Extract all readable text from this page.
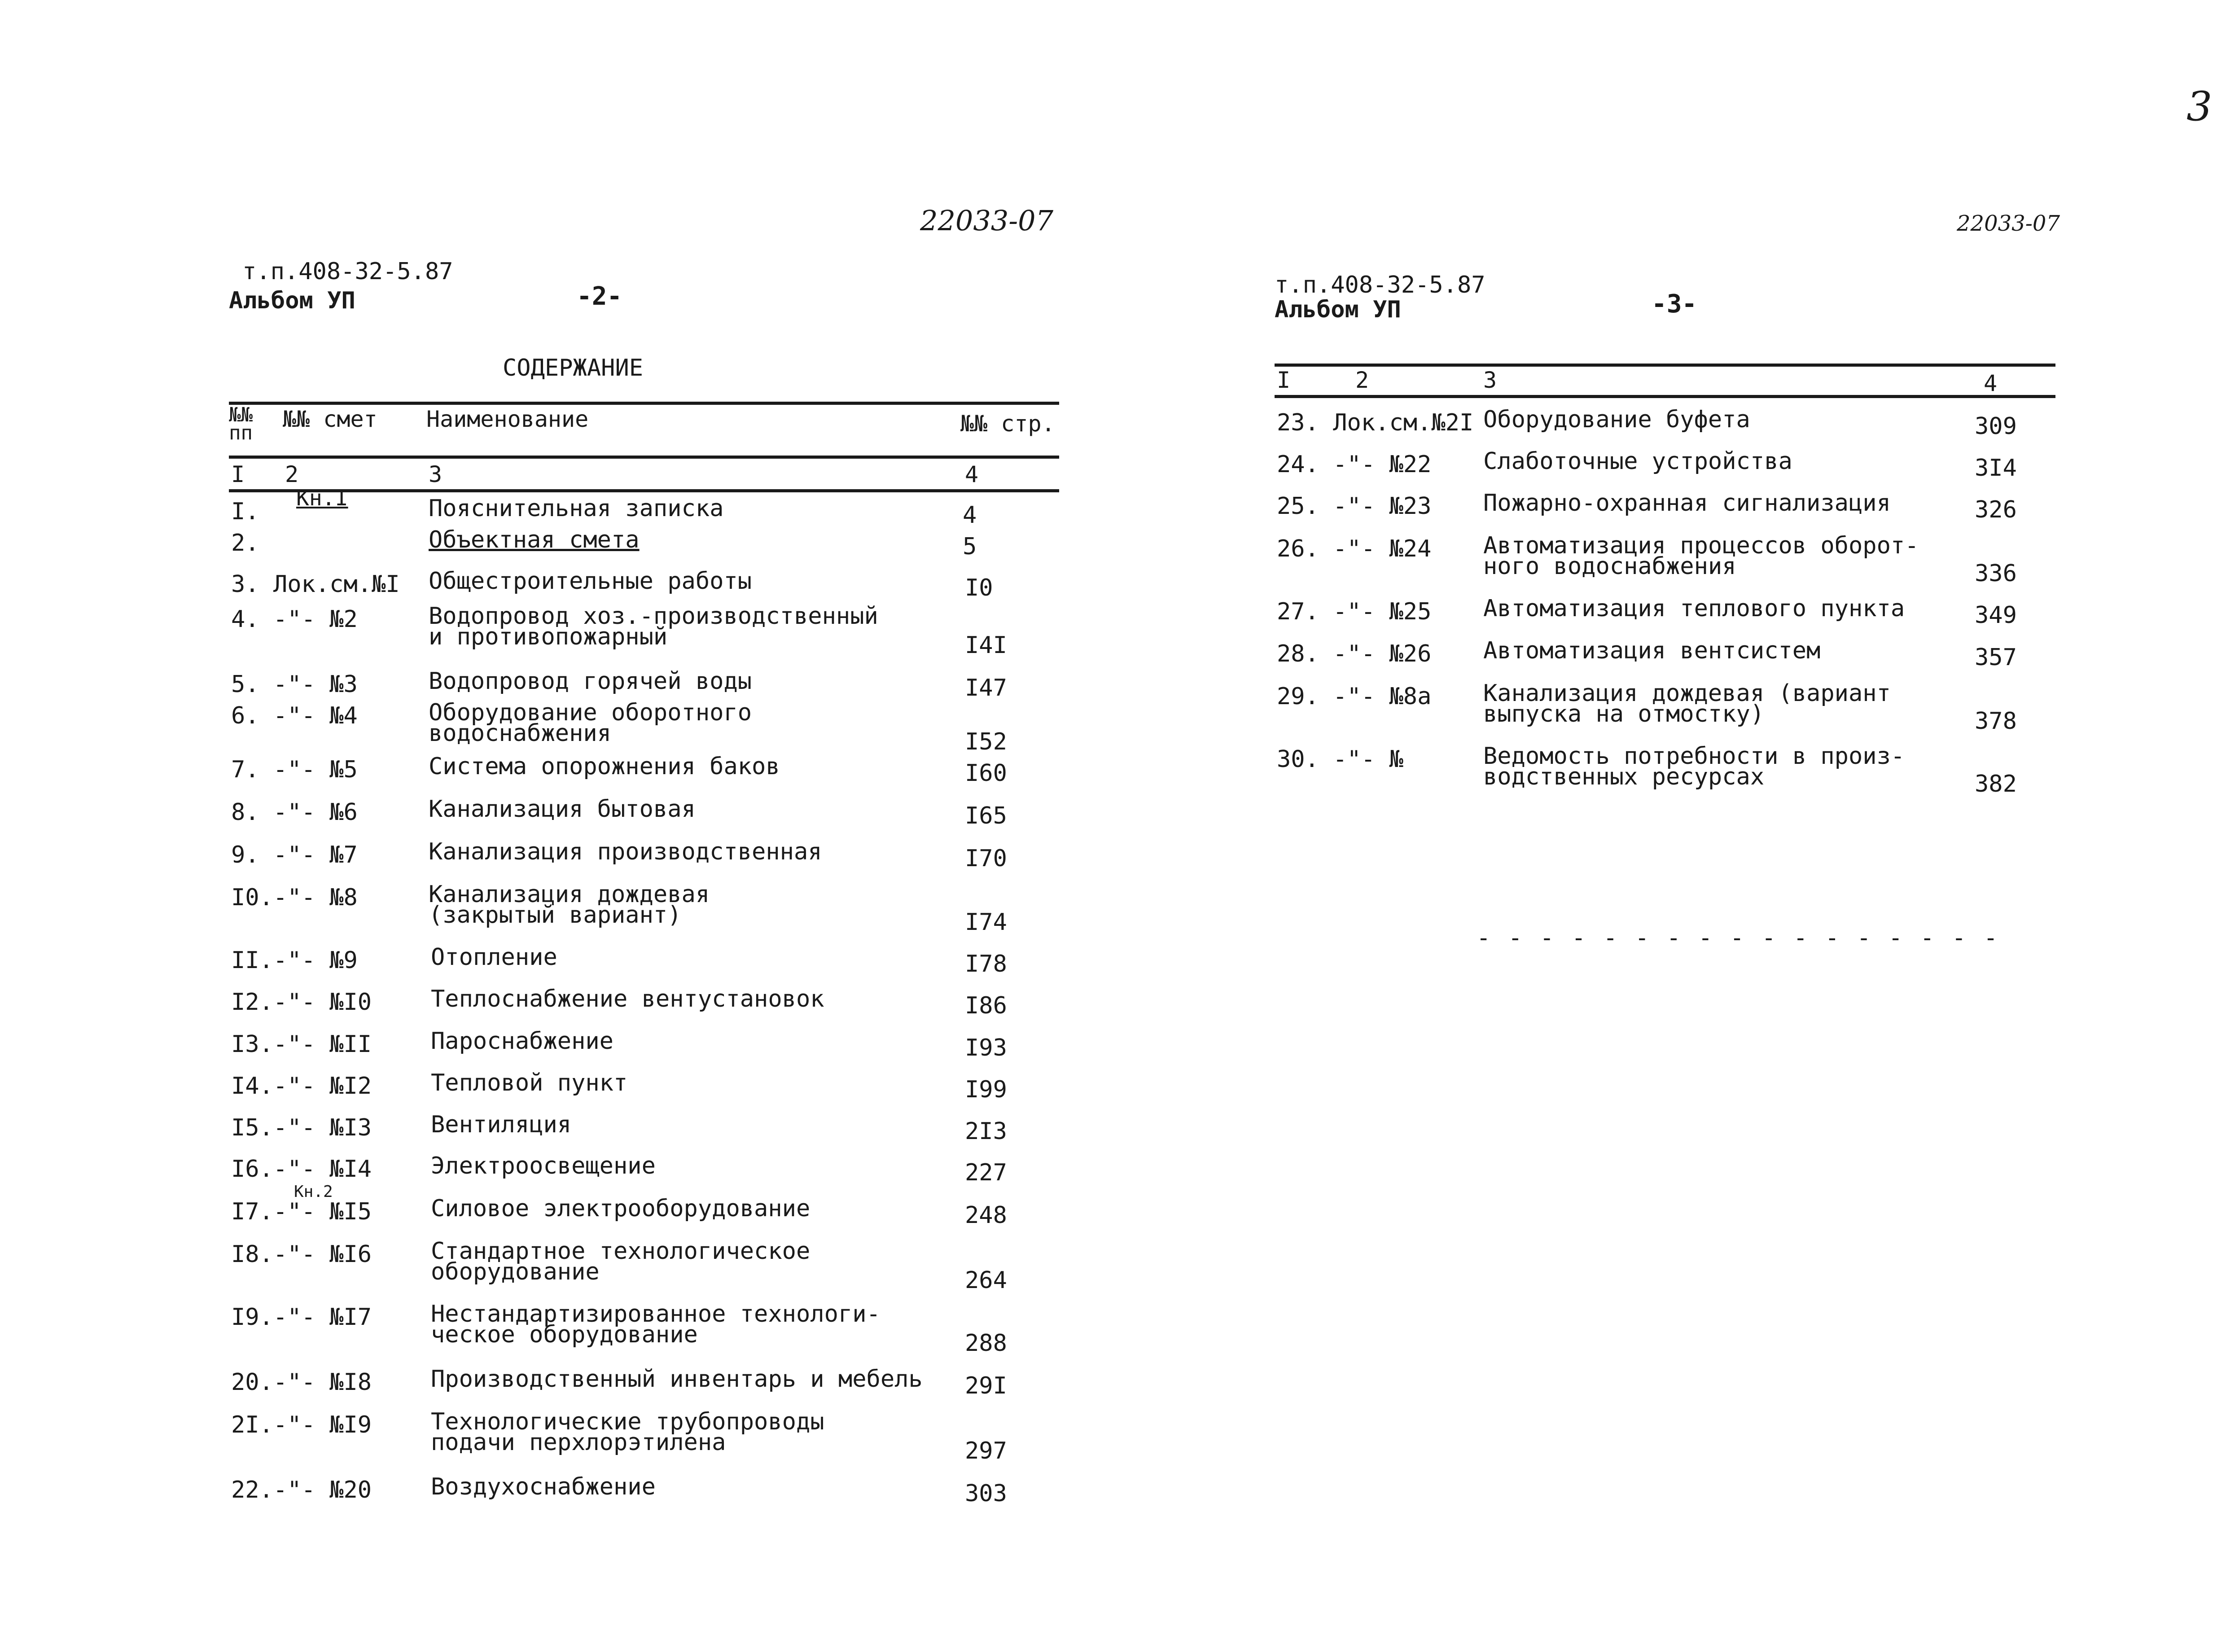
3
22033-07
т.п.408-32-5.87
Альбом УП	-2-
СОДЕРЖАНИЕ
№№
пп
№№ смет Наименование	№№ стр.
I 2	3	4
Кн.I
Кн.2
I.	Пояснительная записка	4
2.	Объектная смета	5
3. Лок.см.№I Общестроительные работы	I0
4. -"- №2	Водопровод хоз.-производственный
и противопожарный	I4I
5. -"- №3	Водопровод горячей воды	I47
6. -"- №4	Оборудование оборотного
водоснабжения	I52
7. -"- №5	Система опорожнения баков	I60
8. -"- №6	Канализация бытовая	I65
9. -"- №7	Канализация производственная	I70
I0.-"- №8	Канализация дождевая
(закрытый вариант)	I74
II.-"- №9	Отопление	I78
I2.-"- №I0	Теплоснабжение вентустановок	I86
I3.-"- №II	Пароснабжение	I93
I4.-"- №I2	Тепловой пункт	I99
I5.-"- №I3	Вентиляция	2I3
I6.-"- №I4	Электроосвещение	227
I7.-"- №I5	Силовое электрооборудование	248
I8.-"- №I6	Стандартное технологическое
оборудование	264
I9.-"- №I7	Нестандартизированное технологи-
ческое оборудование	288
20.-"- №I8	Производственный инвентарь и мебель 29I
2I.-"- №I9	Технологические трубопроводы
подачи перхлорэтилена	297
22.-"- №20	Воздухоснабжение	303
22033-07
т.п.408-32-5.87
Альбом УП	-3-
I	2	3	4
23. Лок.см.№2I Оборудование буфета	309
24. -"- №22 Слаботочные устройства	3I4
25. -"- №23 Пожарно-охранная сигнализация	326
26. -"- №24 Автоматизация процессов оборот-
ного водоснабжения	336
27. -"- №25 Автоматизация теплового пункта	349
28. -"- №26 Автоматизация вентсистем	357
29. -"- №8а Канализация дождевая (вариант
выпуска на отмостку)	378
30. -"- №	Ведомость потребности в произ-
водственных ресурсах	382
- - - - - - - - - - - - - - - - -
